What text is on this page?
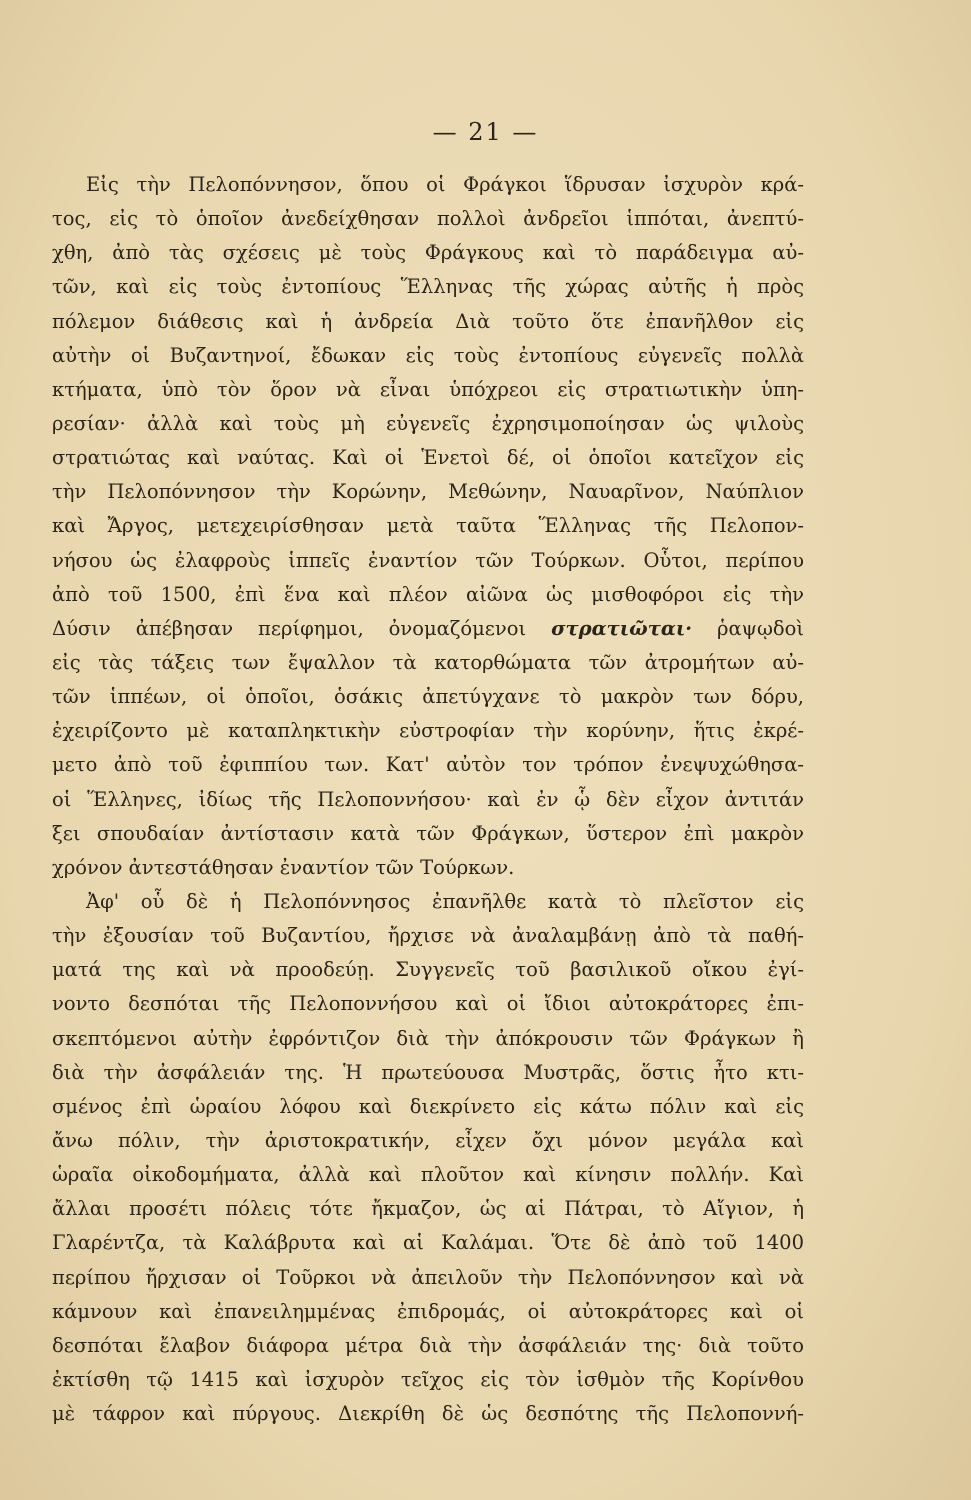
— 21 —
Εἰς τὴν Πελοπόννησον, ὅπου οἱ Φράγκοι ἵδρυσαν ἰσχυρὸν κρά-
τος, εἰς τὸ ὁποῖον ἀνεδείχθησαν πολλοὶ ἀνδρεῖοι ἱππόται, ἀνεπτύ-
χθη, ἀπὸ τὰς σχέσεις μὲ τοὺς Φράγκους καὶ τὸ παράδειγμα αὐ-
τῶν, καὶ εἰς τοὺς ἐντοπίους Ἕλληνας τῆς χώρας αὐτῆς ἡ πρὸς
πόλεμον διάθεσις καὶ ἡ ἀνδρεία Διὰ τοῦτο ὅτε ἐπανῆλθον εἰς
αὐτὴν οἱ Βυζαντηνοί, ἔδωκαν εἰς τοὺς ἐντοπίους εὐγενεῖς πολλὰ
κτήματα, ὑπὸ τὸν ὅρον νὰ εἶναι ὑπόχρεοι εἰς στρατιωτικὴν ὑπη-
ρεσίαν· ἀλλὰ καὶ τοὺς μὴ εὐγενεῖς ἐχρησιμοποίησαν ὡς ψιλοὺς
στρατιώτας καὶ ναύτας. Καὶ οἱ Ἑνετοὶ δέ, οἱ ὁποῖοι κατεῖχον εἰς
τὴν Πελοπόννησον τὴν Κορώνην, Μεθώνην, Ναυαρῖνον, Ναύπλιον
καὶ Ἄργος, μετεχειρίσθησαν μετὰ ταῦτα Ἕλληνας τῆς Πελοπον-
νήσου ὡς ἐλαφροὺς ἱππεῖς ἐναντίον τῶν Τούρκων. Οὗτοι, περίπου
ἀπὸ τοῦ 1500, ἐπὶ ἕνα καὶ πλέον αἰῶνα ὡς μισθοφόροι εἰς τὴν
Δύσιν ἀπέβησαν περίφημοι, ὀνομαζόμενοι στρατιῶται· ῥαψῳδοὶ
εἰς τὰς τάξεις των ἔψαλλον τὰ κατορθώματα τῶν ἀτρομήτων αὐ-
τῶν ἱππέων, οἱ ὁποῖοι, ὁσάκις ἀπετύγχανε τὸ μακρὸν των δόρυ,
ἐχειρίζοντο μὲ καταπληκτικὴν εὐστροφίαν τὴν κορύνην, ἥτις ἐκρέ-
μετο ἀπὸ τοῦ ἐφιππίου των. Κατ' αὐτὸν τον τρόπον ἐνεψυχώθησα-
οἱ Ἕλληνες, ἰδίως τῆς Πελοποννήσου· καὶ ἐν ᾧ δὲν εἶχον ἀντιτάν
ξει σπουδαίαν ἀντίστασιν κατὰ τῶν Φράγκων, ὕστερον ἐπὶ μακρὸν
χρόνον ἀντεστάθησαν ἐναντίον τῶν Τούρκων.
Ἀφ' οὗ δὲ ἡ Πελοπόννησος ἐπανῆλθε κατὰ τὸ πλεῖστον εἰς
τὴν ἐξουσίαν τοῦ Βυζαντίου, ἤρχισε νὰ ἀναλαμβάνῃ ἀπὸ τὰ παθή-
ματά της καὶ νὰ προοδεύῃ. Συγγενεῖς τοῦ βασιλικοῦ οἴκου ἐγί-
νοντο δεσπόται τῆς Πελοποννήσου καὶ οἱ ἴδιοι αὐτοκράτορες ἐπι-
σκεπτόμενοι αὐτὴν ἐφρόντιζον διὰ τὴν ἀπόκρουσιν τῶν Φράγκων ἢ
διὰ τὴν ἀσφάλειάν της. Ἡ πρωτεύουσα Μυστρᾶς, ὅστις ἦτο κτι-
σμένος ἐπὶ ὡραίου λόφου καὶ διεκρίνετο εἰς κάτω πόλιν καὶ εἰς
ἄνω πόλιν, τὴν ἀριστοκρατικήν, εἶχεν ὄχι μόνον μεγάλα καὶ
ὡραῖα οἰκοδομήματα, ἀλλὰ καὶ πλοῦτον καὶ κίνησιν πολλήν. Καὶ
ἄλλαι προσέτι πόλεις τότε ἤκμαζον, ὡς αἱ Πάτραι, τὸ Αἴγιον, ἡ
Γλαρέντζα, τὰ Καλάβρυτα καὶ αἱ Καλάμαι. Ὅτε δὲ ἀπὸ τοῦ 1400
περίπου ἤρχισαν οἱ Τοῦρκοι νὰ ἀπειλοῦν τὴν Πελοπόννησον καὶ νὰ
κάμνουν καὶ ἐπανειλημμένας ἐπιδρομάς, οἱ αὐτοκράτορες καὶ οἱ
δεσπόται ἔλαβον διάφορα μέτρα διὰ τὴν ἀσφάλειάν της· διὰ τοῦτο
ἐκτίσθη τῷ 1415 καὶ ἰσχυρὸν τεῖχος εἰς τὸν ἰσθμὸν τῆς Κορίνθου
μὲ τάφρον καὶ πύργους. Διεκρίθη δὲ ὡς δεσπότης τῆς Πελοποννή-
